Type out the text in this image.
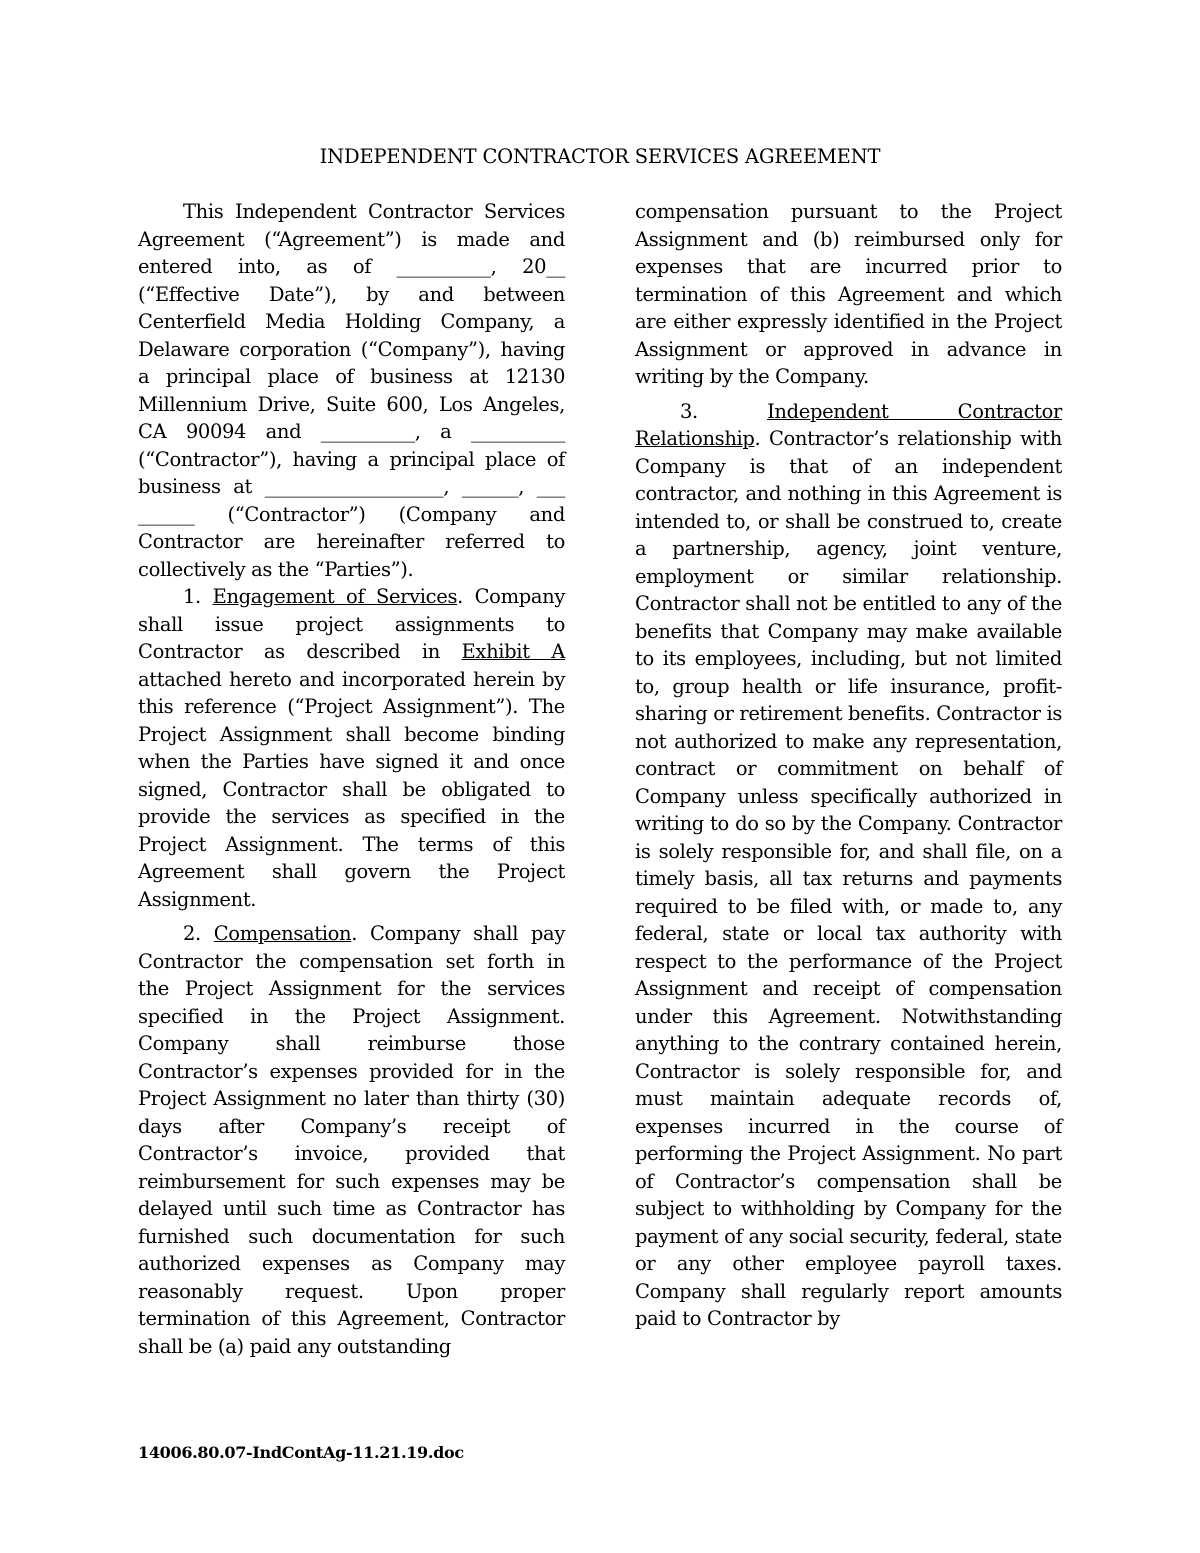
INDEPENDENT CONTRACTOR SERVICES AGREEMENT

This Independent Contractor Services Agreement (“Agreement”) is made and entered into, as of __________, 20__ (“Effective Date”), by and between Centerfield Media Holding Company, a Delaware corporation (“Company”), having a principal place of business at 12130 Millennium Drive, Suite 600, Los Angeles, CA 90094 and __________, a __________ (“Contractor”), having a principal place of business at ___________________, ______, ___ ______ (“Contractor”) (Company and Contractor are hereinafter referred to collectively as the “Parties”).

1. Engagement of Services. Company shall issue project assignments to Contractor as described in Exhibit A attached hereto and incorporated herein by this reference (“Project Assignment”). The Project Assignment shall become binding when the Parties have signed it and once signed, Contractor shall be obligated to provide the services as specified in the Project Assignment. The terms of this Agreement shall govern the Project Assignment.

2. Compensation. Company shall pay Contractor the compensation set forth in the Project Assignment for the services specified in the Project Assignment. Company shall reimburse those Contractor’s expenses provided for in the Project Assignment no later than thirty (30) days after Company’s receipt of Contractor’s invoice, provided that reimbursement for such expenses may be delayed until such time as Contractor has furnished such documentation for such authorized expenses as Company may reasonably request. Upon proper termination of this Agreement, Contractor shall be (a) paid any outstanding

compensation pursuant to the Project Assignment and (b) reimbursed only for expenses that are incurred prior to termination of this Agreement and which are either expressly identified in the Project Assignment or approved in advance in writing by the Company.

3.	Independent Contractor Relationship. Contractor’s relationship with Company is that of an independent contractor, and nothing in this Agreement is intended to, or shall be construed to, create a partnership, agency, joint venture, employment or similar relationship. Contractor shall not be entitled to any of the benefits that Company may make available to its employees, including, but not limited to, group health or life insurance, profit-sharing or retirement benefits. Contractor is not authorized to make any representation, contract or commitment on behalf of Company unless specifically authorized in writing to do so by the Company. Contractor is solely responsible for, and shall file, on a timely basis, all tax returns and payments required to be filed with, or made to, any federal, state or local tax authority with respect to the performance of the Project Assignment and receipt of compensation under this Agreement. Notwithstanding anything to the contrary contained herein, Contractor is solely responsible for, and must maintain adequate records of, expenses incurred in the course of performing the Project Assignment. No part of Contractor’s compensation shall be subject to withholding by Company for the payment of any social security, federal, state or any other employee payroll taxes. Company shall regularly report amounts paid to Contractor by

14006.80.07-IndContAg-11.21.19.doc
